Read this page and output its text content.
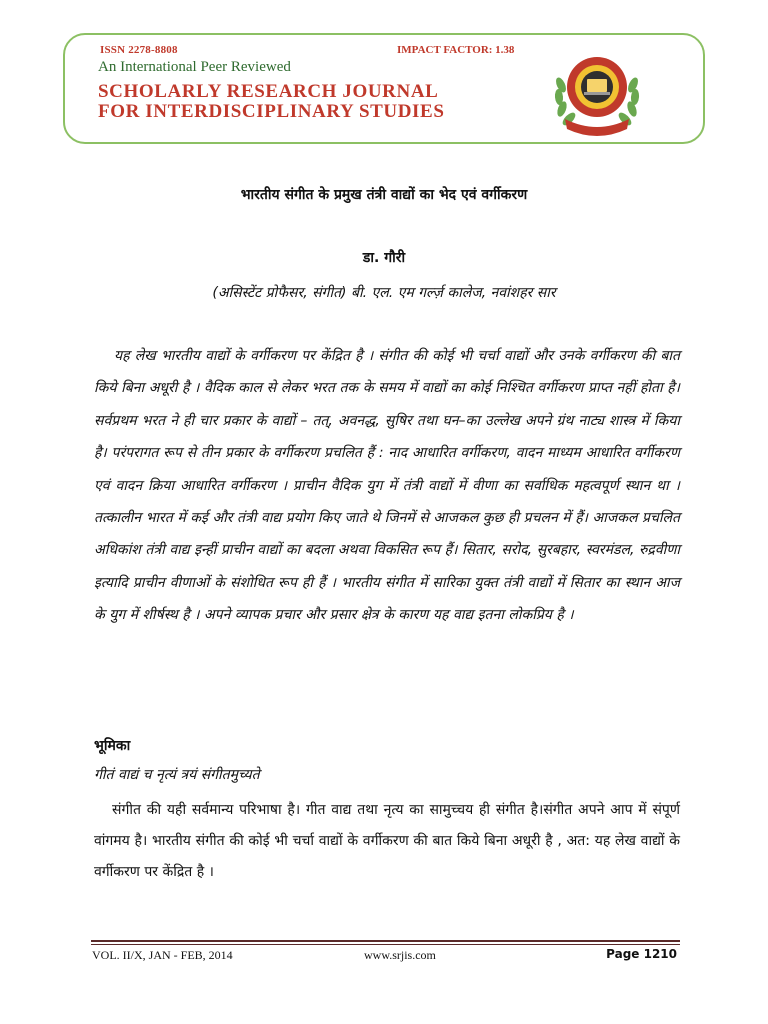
ISSN 2278-8808	IMPACT FACTOR: 1.38
An International Peer Reviewed
SCHOLARLY RESEARCH JOURNAL
FOR INTERDISCIPLINARY STUDIES
भारतीय संगीत के प्रमुख तंत्री वाद्यों का भेद एवं वर्गीकरण
डा. गौरी
(असिस्टेंट प्रोफैसर, संगीत) बी. एल. एम गर्ल्ज़ कालेज, नवांशहर सार

यह लेख भारतीय वाद्यों के वर्गीकरण पर केंद्रित है । संगीत की कोई भी चर्चा वाद्यों और उनके वर्गीकरण की बात किये बिना अधूरी है । वैदिक काल से लेकर भरत तक के समय में वाद्यों का कोई निश्चित वर्गीकरण प्राप्त नहीं होता है।सर्वप्रथम भरत ने ही चार प्रकार के वाद्यों – तत्, अवनद्ध, सुषिर तथा घन–का उल्लेख अपने ग्रंथ नाट्य शास्त्र में किया है। परंपरागत रूप से तीन प्रकार के वर्गीकरण प्रचलित हैं : नाद आधारित वर्गीकरण, वादन माध्यम आधारित वर्गीकरण एवं वादन क्रिया आधारित वर्गीकरण । प्राचीन वैदिक युग में तंत्री वाद्यों में वीणा का सर्वाधिक महत्वपूर्ण स्थान था । तत्कालीन भारत में कई और तंत्री वाद्य प्रयोग किए जाते थे जिनमें से आजकल कुछ ही प्रचलन में हैं। आजकल प्रचलित अधिकांश तंत्री वाद्य इन्हीं प्राचीन वाद्यों का बदला अथवा विकसित रूप हैं। सितार, सरोद, सुरबहार, स्वरमंडल, रुद्रवीणा इत्यादि प्राचीन वीणाओं के संशोधित रूप ही हैं । भारतीय संगीत में सारिका युक्त तंत्री वाद्यों में सितार का स्थान आज के युग में शीर्षस्थ है । अपने व्यापक प्रचार और प्रसार क्षेत्र के कारण यह वाद्य इतना लोकप्रिय है ।

भूमिका
गीतं वाद्यं च नृत्यं त्रयं संगीतमुच्यते

संगीत की यही सर्वमान्य परिभाषा है। गीत वाद्य तथा नृत्य का सामुच्चय ही संगीत है।संगीत अपने आप में संपूर्ण वांगमय है। भारतीय संगीत की कोई भी चर्चा वाद्यों के वर्गीकरण की बात किये बिना अधूरी है , अत: यह लेख वाद्यों के वर्गीकरण पर केंद्रित है ।

VOL. II/X, JAN - FEB, 2014	www.srjis.com	Page 1210
